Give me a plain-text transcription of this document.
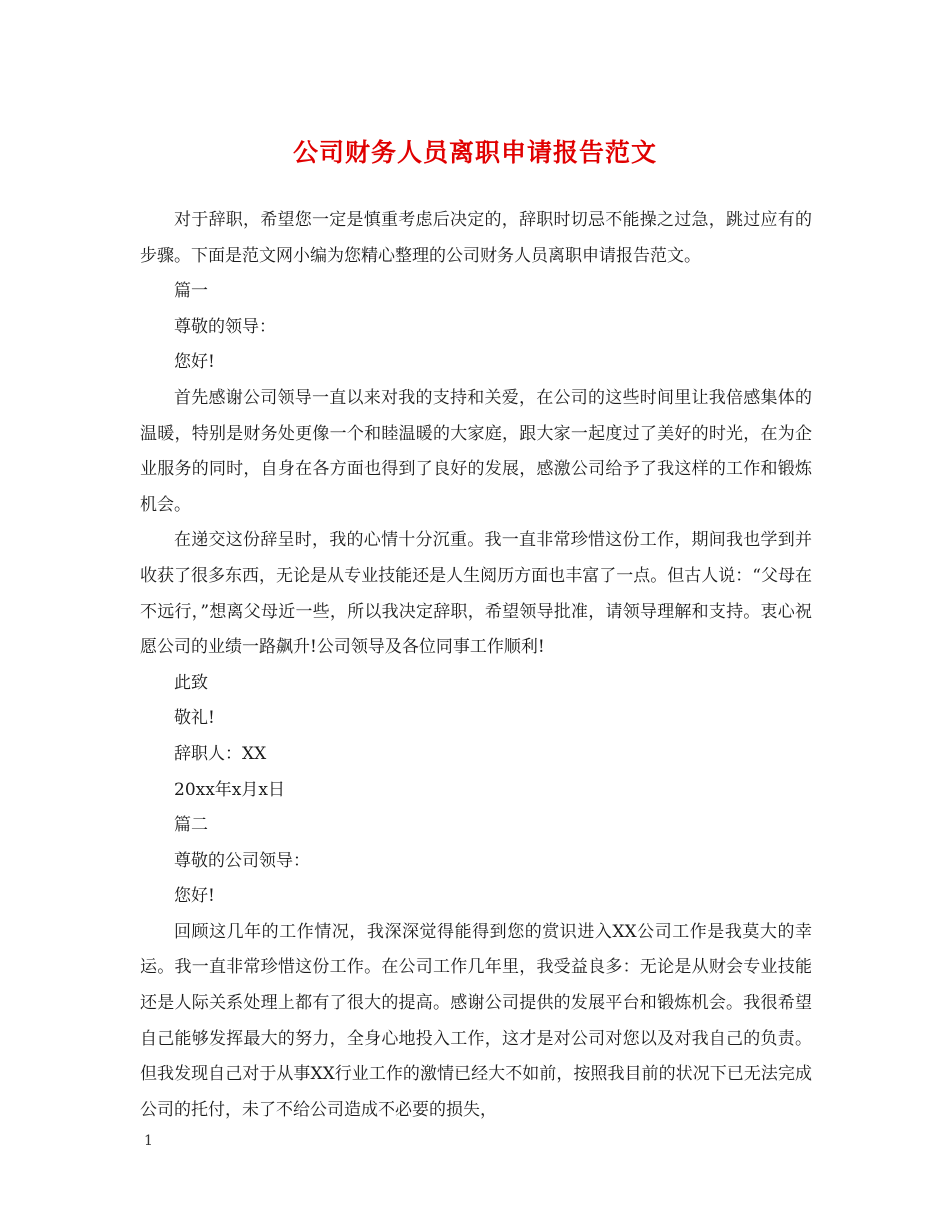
公司财务人员离职申请报告范文

对于辞职，希望您一定是慎重考虑后决定的，辞职时切忌不能操之过急，跳过应有的步骤。下面是范文网小编为您精心整理的公司财务人员离职申请报告范文。

篇一

尊敬的领导：

您好!

首先感谢公司领导一直以来对我的支持和关爱，在公司的这些时间里让我倍感集体的温暖，特别是财务处更像一个和睦温暖的大家庭，跟大家一起度过了美好的时光，在为企业服务的同时，自身在各方面也得到了良好的发展，感激公司给予了我这样的工作和锻炼机会。

在递交这份辞呈时，我的心情十分沉重。我一直非常珍惜这份工作，期间我也学到并收获了很多东西，无论是从专业技能还是人生阅历方面也丰富了一点。但古人说：“父母在不远行，”想离父母近一些，所以我决定辞职，希望领导批准，请领导理解和支持。衷心祝愿公司的业绩一路飙升!公司领导及各位同事工作顺利!

此致

敬礼!

辞职人：XX

20xx年x月x日

篇二

尊敬的公司领导：

您好!

回顾这几年的工作情况，我深深觉得能得到您的赏识进入XX公司工作是我莫大的幸运。我一直非常珍惜这份工作。在公司工作几年里，我受益良多：无论是从财会专业技能还是人际关系处理上都有了很大的提高。感谢公司提供的发展平台和锻炼机会。我很希望自己能够发挥最大的努力，全身心地投入工作，这才是对公司对您以及对我自己的负责。但我发现自己对于从事XX行业工作的激情已经大不如前，按照我目前的状况下已无法完成公司的托付，未了不给公司造成不必要的损失，

1
